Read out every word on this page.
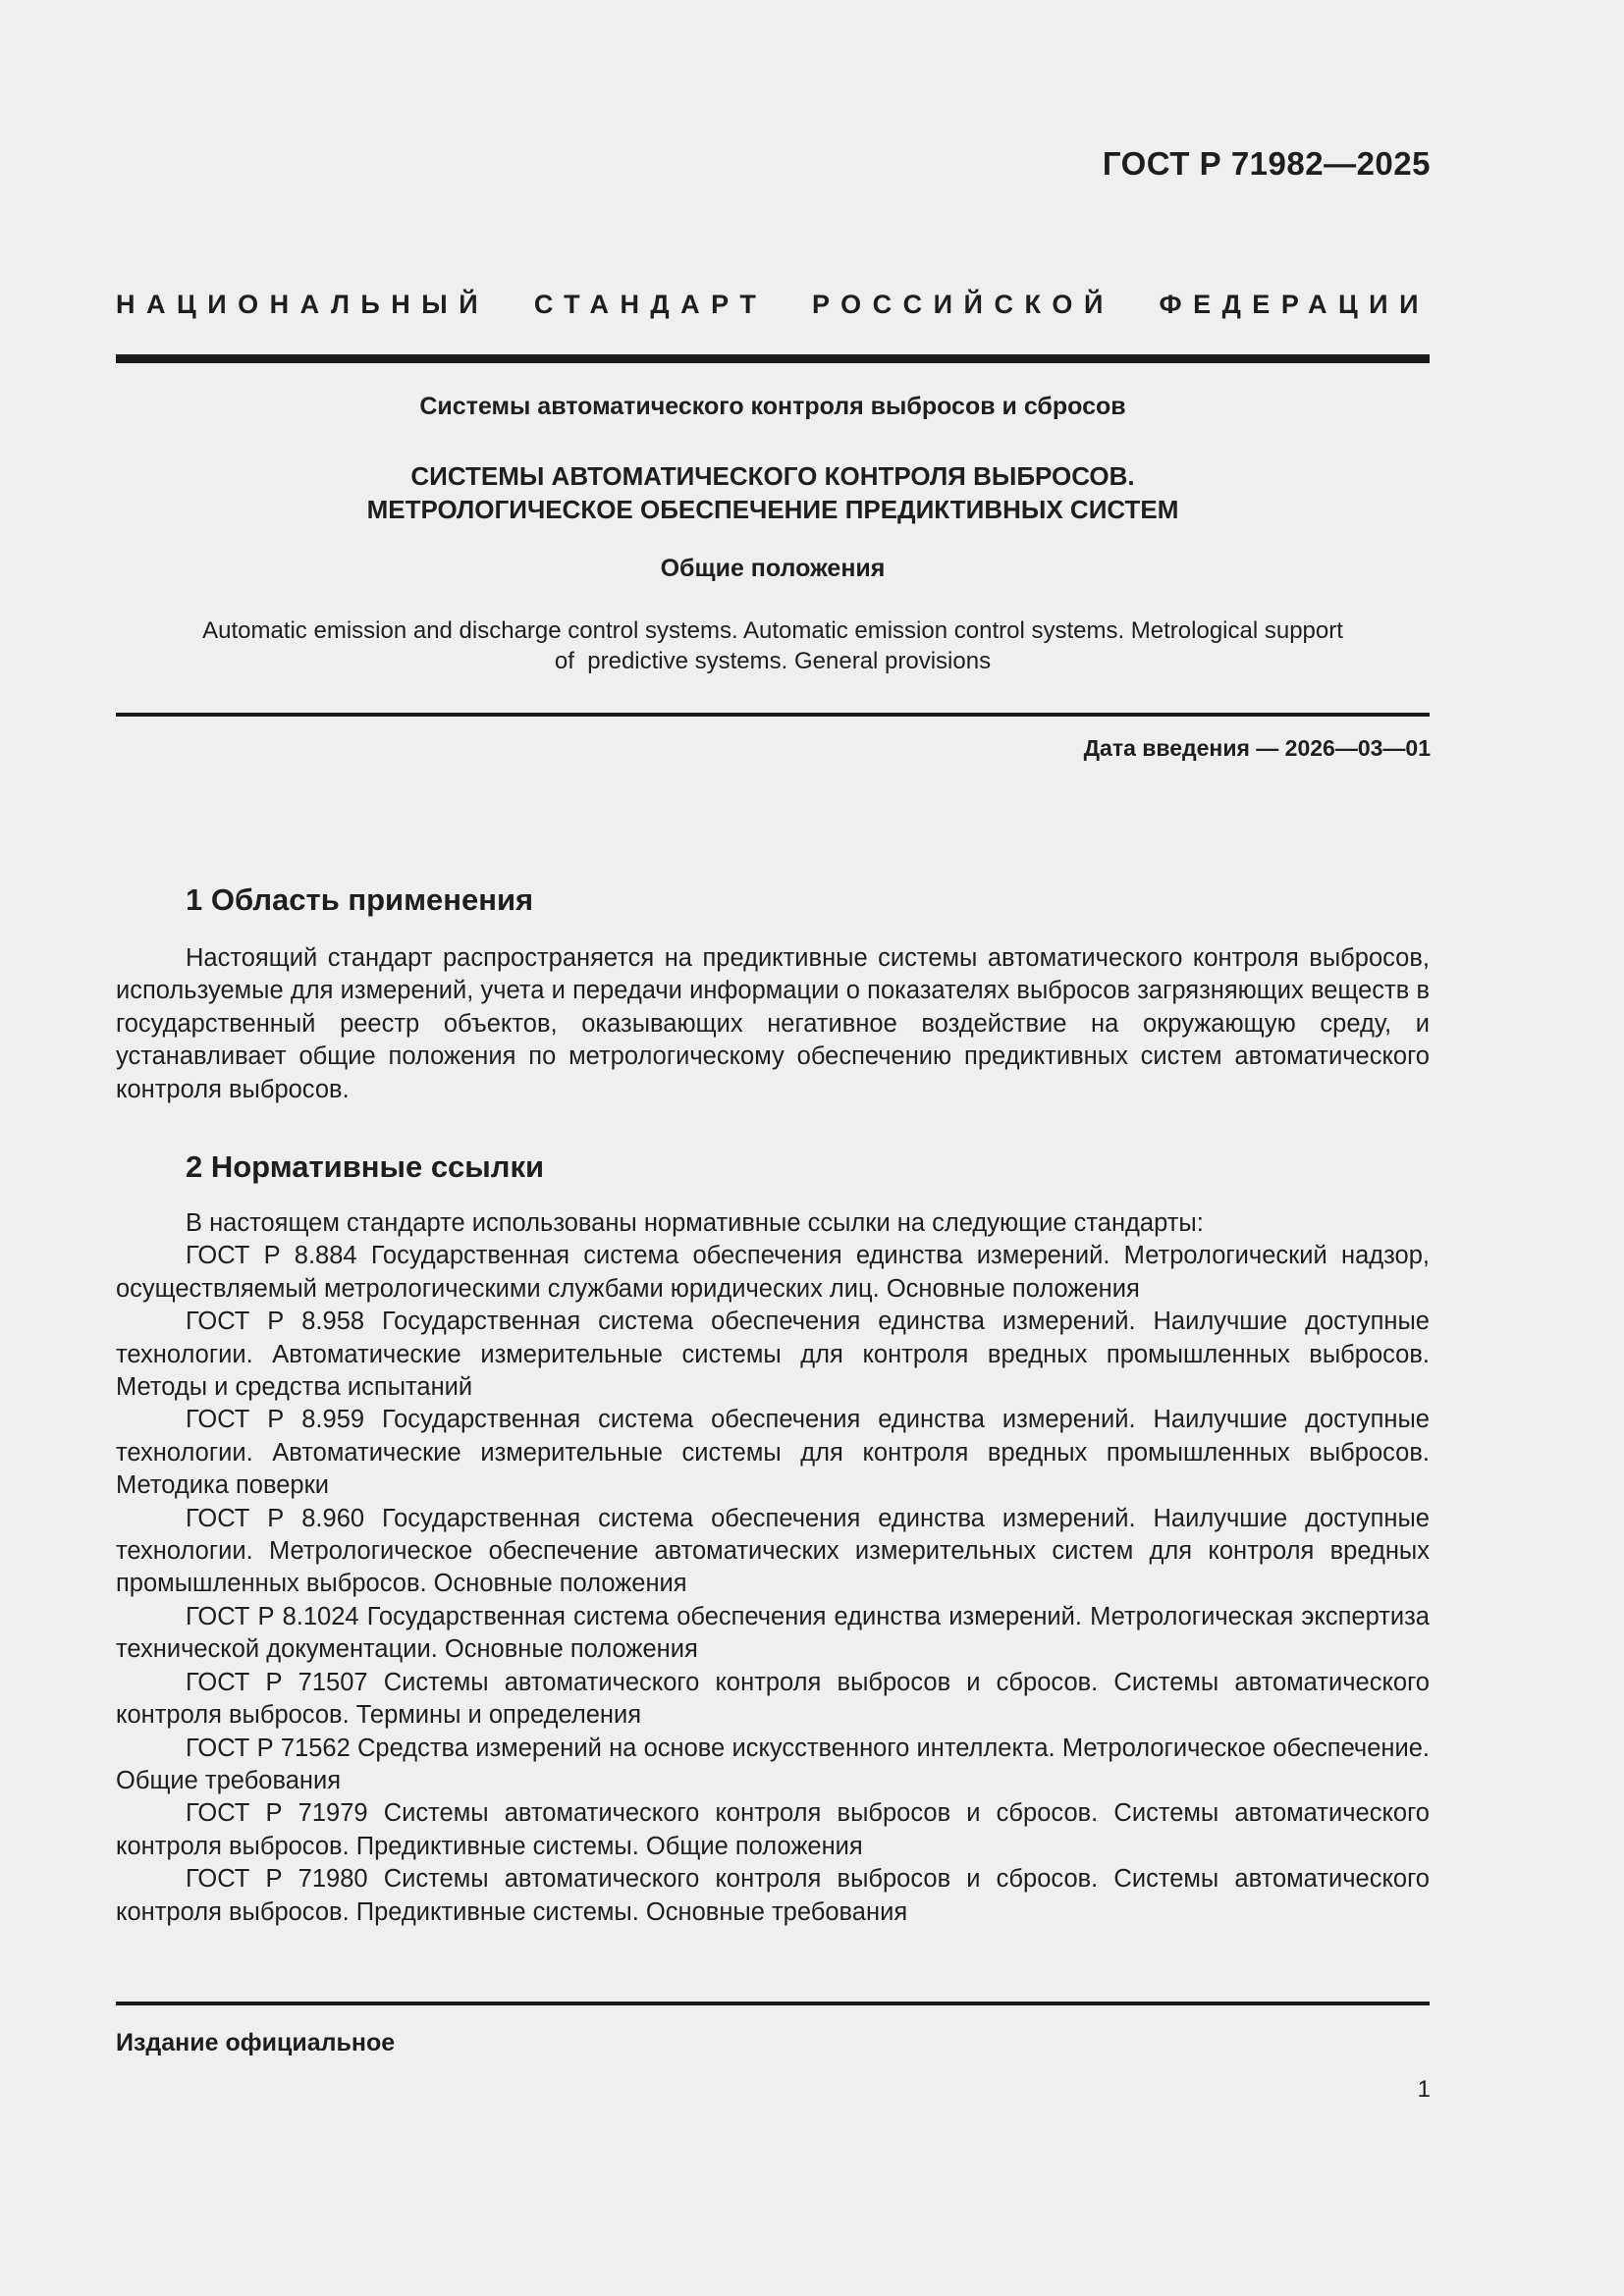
ГОСТ Р 71982—2025
НАЦИОНАЛЬНЫЙ СТАНДАРТ РОССИЙСКОЙ ФЕДЕРАЦИИ
Системы автоматического контроля выбросов и сбросов
СИСТЕМЫ АВТОМАТИЧЕСКОГО КОНТРОЛЯ ВЫБРОСОВ.
МЕТРОЛОГИЧЕСКОЕ ОБЕСПЕЧЕНИЕ ПРЕДИКТИВНЫХ СИСТЕМ
Общие положения
Automatic emission and discharge control systems. Automatic emission control systems. Metrological support
of  predictive systems. General provisions
Дата введения — 2026—03—01
1 Область применения

Настоящий стандарт распространяется на предиктивные системы автоматического контроля выбросов, используемые для измерений, учета и передачи информации о показателях выбросов загрязняющих веществ в государственный реестр объектов, оказывающих негативное воздействие на окружающую среду, и устанавливает общие положения по метрологическому обеспечению предиктивных систем автоматического контроля выбросов.

2 Нормативные ссылки

В настоящем стандарте использованы нормативные ссылки на следующие стандарты:

ГОСТ Р 8.884 Государственная система обеспечения единства измерений. Метрологический надзор, осуществляемый метрологическими службами юридических лиц. Основные положения

ГОСТ Р 8.958 Государственная система обеспечения единства измерений. Наилучшие доступные технологии. Автоматические измерительные системы для контроля вредных промышленных выбросов. Методы и средства испытаний

ГОСТ Р 8.959 Государственная система обеспечения единства измерений. Наилучшие доступные технологии. Автоматические измерительные системы для контроля вредных промышленных выбросов. Методика поверки

ГОСТ Р 8.960 Государственная система обеспечения единства измерений. Наилучшие доступные технологии. Метрологическое обеспечение автоматических измерительных систем для контроля вредных промышленных выбросов. Основные положения

ГОСТ Р 8.1024 Государственная система обеспечения единства измерений. Метрологическая экспертиза технической документации. Основные положения

ГОСТ Р 71507 Системы автоматического контроля выбросов и сбросов. Системы автоматического контроля выбросов. Термины и определения

ГОСТ Р 71562 Средства измерений на основе искусственного интеллекта. Метрологическое обеспечение. Общие требования

ГОСТ Р 71979 Системы автоматического контроля выбросов и сбросов. Системы автоматического контроля выбросов. Предиктивные системы. Общие положения

ГОСТ Р 71980 Системы автоматического контроля выбросов и сбросов. Системы автоматического контроля выбросов. Предиктивные системы. Основные требования

Издание официальное
1
